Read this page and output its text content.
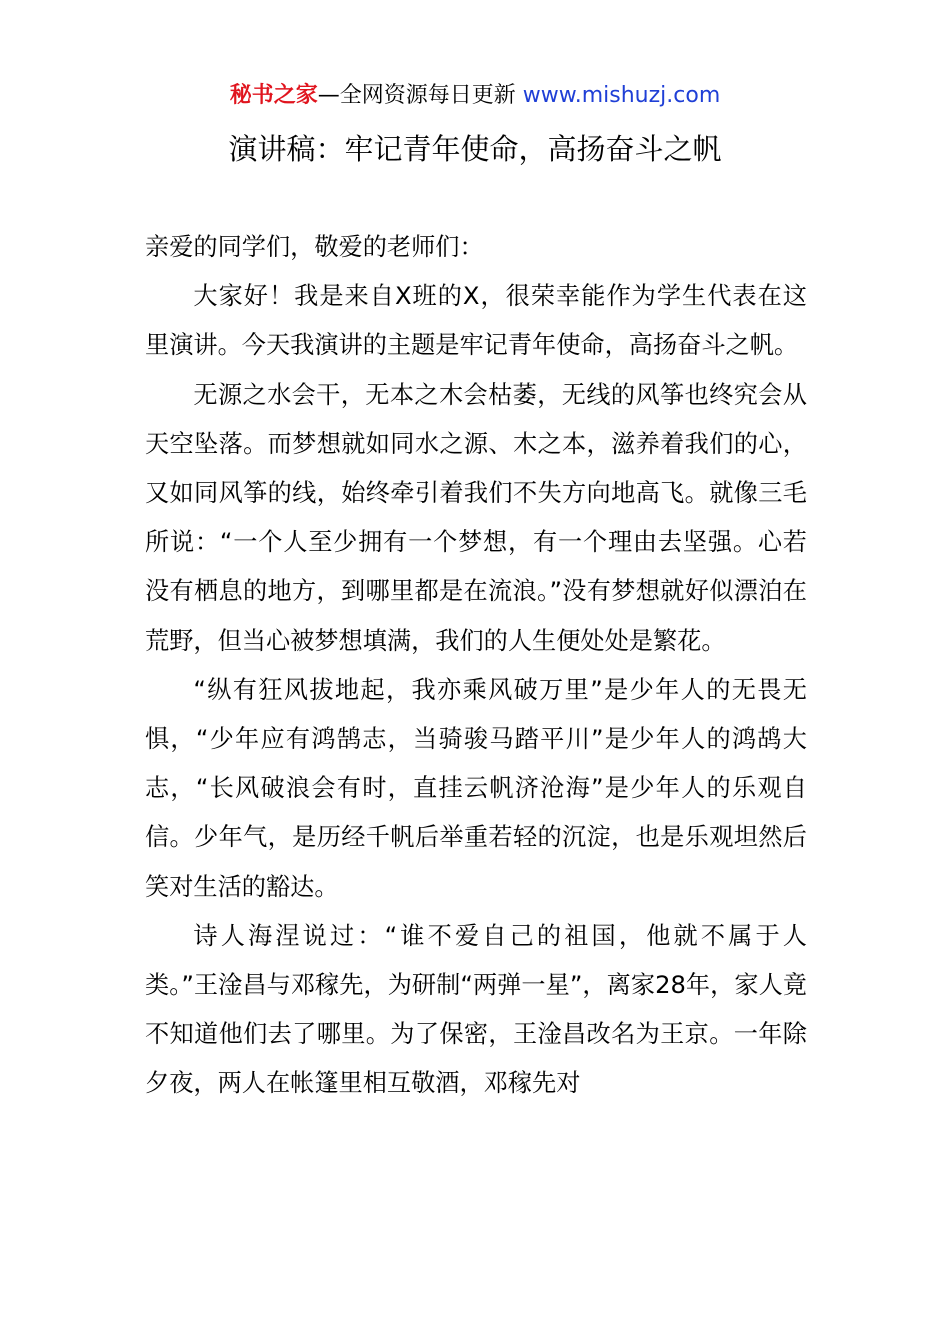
秘书之家—全网资源每日更新 www.mishuzj.com
演讲稿：牢记青年使命，高扬奋斗之帆

亲爱的同学们，敬爱的老师们：

大家好！我是来自X班的X，很荣幸能作为学生代表在这里演讲。今天我演讲的主题是牢记青年使命，高扬奋斗之帆。

无源之水会干，无本之木会枯萎，无线的风筝也终究会从天空坠落。而梦想就如同水之源、木之本，滋养着我们的心，又如同风筝的线，始终牵引着我们不失方向地高飞。就像三毛所说：“一个人至少拥有一个梦想，有一个理由去坚强。心若没有栖息的地方，到哪里都是在流浪。”没有梦想就好似漂泊在荒野，但当心被梦想填满，我们的人生便处处是繁花。

“纵有狂风拔地起，我亦乘风破万里”是少年人的无畏无惧，“少年应有鸿鹄志，当骑骏马踏平川”是少年人的鸿鸪大志，“长风破浪会有时，直挂云帆济沧海”是少年人的乐观自信。少年气，是历经千帆后举重若轻的沉淀，也是乐观坦然后笑对生活的豁达。

诗人海涅说过：“谁不爱自己的祖国，他就不属于人类。”王淦昌与邓稼先，为研制“两弹一星”，离家28年，家人竟不知道他们去了哪里。为了保密，王淦昌改名为王京。一年除夕夜，两人在帐篷里相互敬酒，邓稼先对
